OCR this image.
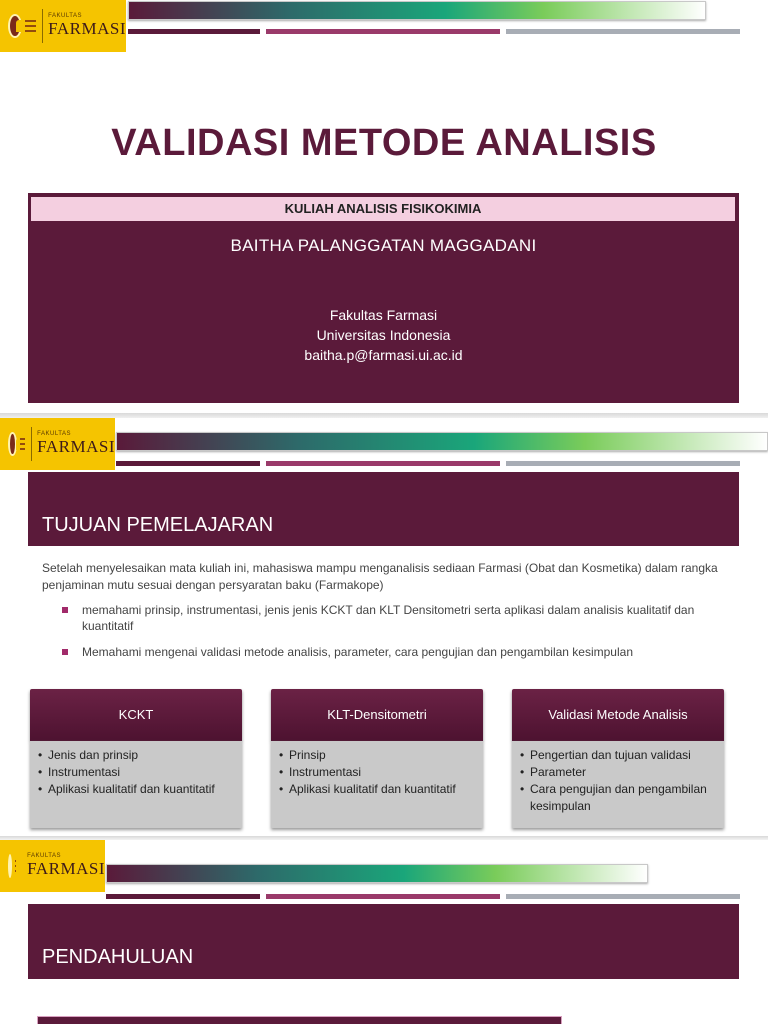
FAKULTAS
FARMASI
VALIDASI METODE ANALISIS
KULIAH ANALISIS FISIKOKIMIA
BAITHA PALANGGATAN MAGGADANI
Fakultas Farmasi
Universitas Indonesia
baitha.p@farmasi.ui.ac.id
FAKULTAS
FARMASI
TUJUAN PEMELAJARAN

Setelah menyelesaikan mata kuliah ini, mahasiswa mampu menganalisis sediaan Farmasi (Obat dan Kosmetika) dalam rangka penjaminan mutu sesuai dengan persyaratan baku (Farmakope)

memahami prinsip, instrumentasi, jenis jenis KCKT dan KLT Densitometri serta aplikasi dalam analisis kualitatif dan kuantitatif
Memahami mengenai validasi metode analisis, parameter, cara pengujian dan pengambilan kesimpulan
KCKT
• Jenis dan prinsip
• Instrumentasi
• Aplikasi kualitatif dan kuantitatif
KLT-Densitometri
• Prinsip
• Instrumentasi
• Aplikasi kualitatif dan kuantitatif
Validasi Metode Analisis
• Pengertian dan tujuan validasi
• Parameter
• Cara pengujian dan pengambilan kesimpulan
FAKULTAS
FARMASI
PENDAHULUAN
